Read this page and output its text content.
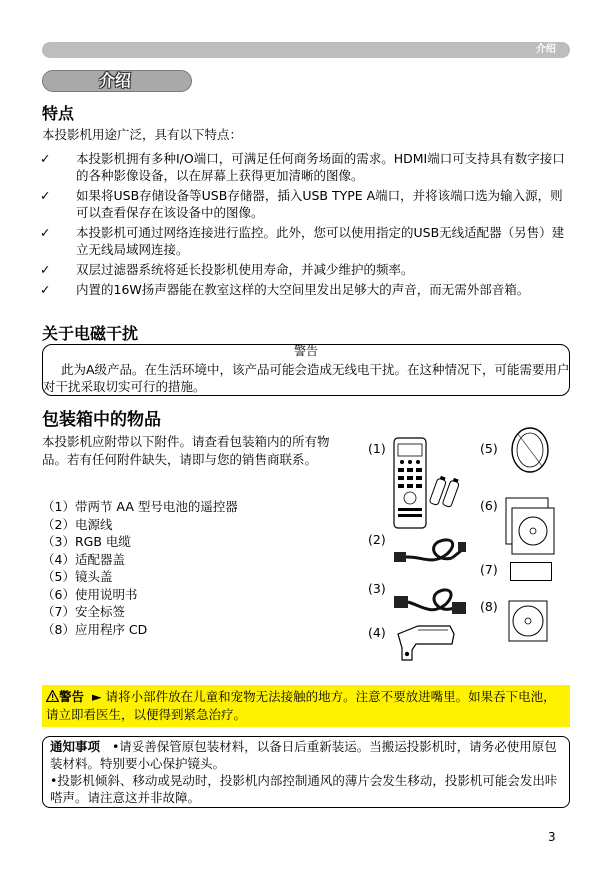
介绍
介绍
特点
本投影机用途广泛，具有以下特点：
✓ 本投影机拥有多种I/O端口，可满足任何商务场面的需求。HDMI端口可支持具有数字接口的各种影像设备，以在屏幕上获得更加清晰的图像。
✓ 如果将USB存储设备等USB存储器，插入USB TYPE A端口，并将该端口选为输入源，则可以查看保存在该设备中的图像。
✓ 本投影机可通过网络连接进行监控。此外，您可以使用指定的USB无线适配器（另售）建立无线局域网连接。
✓ 双层过滤器系统将延长投影机使用寿命，并减少维护的频率。
✓ 内置的16W扬声器能在教室这样的大空间里发出足够大的声音，而无需外部音箱。
关于电磁干扰
警告
此为A级产品。在生活环境中，该产品可能会造成无线电干扰。在这种情况下，可能需要用户对干扰采取切实可行的措施。
包装箱中的物品
本投影机应附带以下附件。请查看包装箱内的所有物品。若有任何附件缺失，请即与您的销售商联系。
（1）带两节 AA 型号电池的遥控器
（2）电源线
（3）RGB 电缆
（4）适配器盖
（5）镜头盖
（6）使用说明书
（7）安全标签
（8）应用程序 CD
(1)
(2)
(3)
(4)
(5)
(6)
(7)
(8)
警告 ► 请将小部件放在儿童和宠物无法接触的地方。注意不要放进嘴里。如果吞下电池，请立即看医生，以便得到紧急治疗。
通知事项 •请妥善保管原包装材料，以备日后重新装运。当搬运投影机时，请务必使用原包装材料。特别要小心保护镜头。
•投影机倾斜、移动或晃动时，投影机内部控制通风的薄片会发生移动，投影机可能会发出咔嗒声。请注意这并非故障。
3
